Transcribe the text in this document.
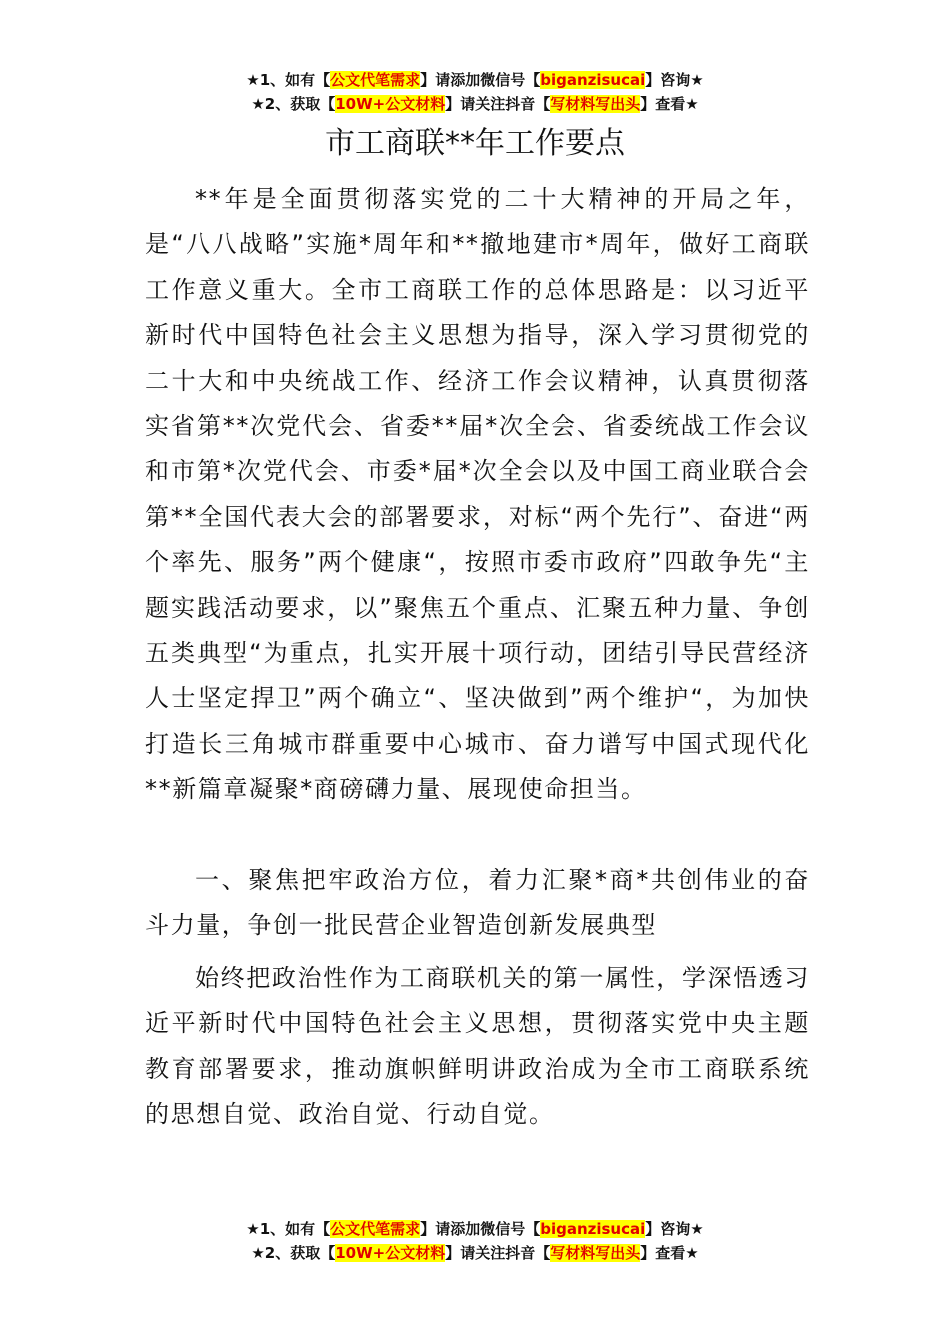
★1、如有【公文代笔需求】请添加微信号【biganzisucai】咨询★
★2、获取【10W+公文材料】请关注抖音【写材料写出头】查看★
市工商联**年工作要点

**年是全面贯彻落实党的二十大精神的开局之年，是“八八战略”实施*周年和**撤地建市*周年，做好工商联工作意义重大。全市工商联工作的总体思路是：以习近平新时代中国特色社会主义思想为指导，深入学习贯彻党的二十大和中央统战工作、经济工作会议精神，认真贯彻落实省第**次党代会、省委**届*次全会、省委统战工作会议和市第*次党代会、市委*届*次全会以及中国工商业联合会第**全国代表大会的部署要求，对标“两个先行”、奋进“两个率先、服务”两个健康“，按照市委市政府”四敢争先“主题实践活动要求，以”聚焦五个重点、汇聚五种力量、争创五类典型“为重点，扎实开展十项行动，团结引导民营经济人士坚定捍卫”两个确立“、坚决做到”两个维护“，为加快打造长三角城市群重要中心城市、奋力谱写中国式现代化**新篇章凝聚*商磅礴力量、展现使命担当。

一、聚焦把牢政治方位，着力汇聚*商*共创伟业的奋斗力量，争创一批民营企业智造创新发展典型

始终把政治性作为工商联机关的第一属性，学深悟透习近平新时代中国特色社会主义思想，贯彻落实党中央主题教育部署要求，推动旗帜鲜明讲政治成为全市工商联系统的思想自觉、政治自觉、行动自觉。

★1、如有【公文代笔需求】请添加微信号【biganzisucai】咨询★
★2、获取【10W+公文材料】请关注抖音【写材料写出头】查看★
